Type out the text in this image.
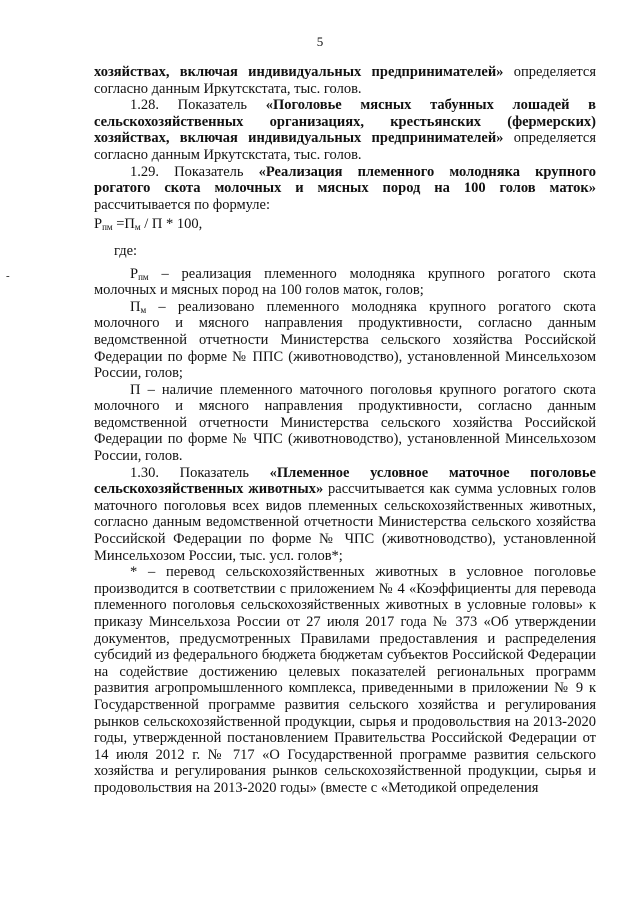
5
-

хозяйствах, включая индивидуальных предпринимателей» определяется согласно данным Иркутскстата, тыс. голов.

1.28. Показатель «Поголовье мясных табунных лошадей в сельскохозяйственных организациях, крестьянских (фермерских) хозяйствах, включая индивидуальных предпринимателей» определяется согласно данным Иркутскстата, тыс. голов.

1.29. Показатель «Реализация племенного молодняка крупного рогатого скота молочных и мясных пород на 100 голов маток» рассчитывается по формуле:

$Р_{пм} =П_м / П * 100$,

где:

$Р_{пм}$ – реализация племенного молодняка крупного рогатого скота молочных и мясных пород на 100 голов маток, голов;

$П_м$ – реализовано племенного молодняка крупного рогатого скота молочного и мясного направления продуктивности, согласно данным ведомственной отчетности Министерства сельского хозяйства Российской Федерации по форме № ППС (животноводство), установленной Минсельхозом России, голов;

П – наличие племенного маточного поголовья крупного рогатого скота молочного и мясного направления продуктивности, согласно данным ведомственной отчетности Министерства сельского хозяйства Российской Федерации по форме № ЧПС (животноводство), установленной Минсельхозом России, голов.

1.30. Показатель «Племенное условное маточное поголовье сельскохозяйственных животных» рассчитывается как сумма условных голов маточного поголовья всех видов племенных сельскохозяйственных животных, согласно данным ведомственной отчетности Министерства сельского хозяйства Российской Федерации по форме № ЧПС (животноводство), установленной Минсельхозом России, тыс. усл. голов*;

* – перевод сельскохозяйственных животных в условное поголовье производится в соответствии с приложением № 4 «Коэффициенты для перевода племенного поголовья сельскохозяйственных животных в условные головы» к приказу Минсельхоза России от 27 июля 2017 года № 373 «Об утверждении документов, предусмотренных Правилами предоставления и распределения субсидий из федерального бюджета бюджетам субъектов Российской Федерации на содействие достижению целевых показателей региональных программ развития агропромышленного комплекса, приведенными в приложении № 9 к Государственной программе развития сельского хозяйства и регулирования рынков сельскохозяйственной продукции, сырья и продовольствия на 2013-2020 годы, утвержденной постановлением Правительства Российской Федерации от 14 июля 2012 г. № 717 «О Государственной программе развития сельского хозяйства и регулирования рынков сельскохозяйственной продукции, сырья и продовольствия на 2013-2020 годы» (вместе с «Методикой определения
